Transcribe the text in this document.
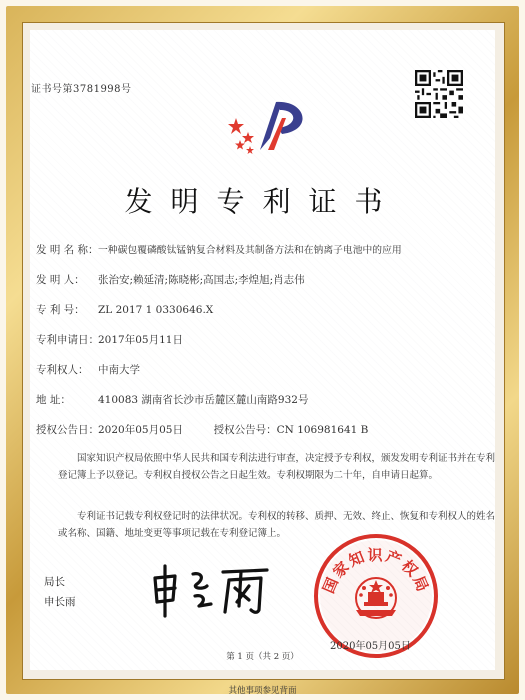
证书号第3781998号
发明专利证书
发 明 名 称：一种碳包覆磷酸钛锰钠复合材料及其制备方法和在钠离子电池中的应用
发 明 人： 张治安;赖延清;陈晓彬;高国志;李煌旭;肖志伟
专 利 号： ZL 2017 1 0330646.X
专利申请日：2017年05月11日
专利权人： 中南大学
地 址：	410083 湖南省长沙市岳麓区麓山南路932号
授权公告日：2020年05月05日	授权公告号：CN 106981641 B
国家知识产权局依照中华人民共和国专利法进行审查，决定授予专利权，颁发发明专利证书并在专利登记簿上予以登记。专利权自授权公告之日起生效。专利权期限为二十年，自申请日起算。
专利证书记载专利权登记时的法律状况。专利权的转移、质押、无效、终止、恢复和专利权人的姓名或名称、国籍、地址变更等事项记载在专利登记簿上。
局长
申长雨
国家知识产权局
2020年05月05日
第 1 页（共 2 页）
其他事项参见背面
